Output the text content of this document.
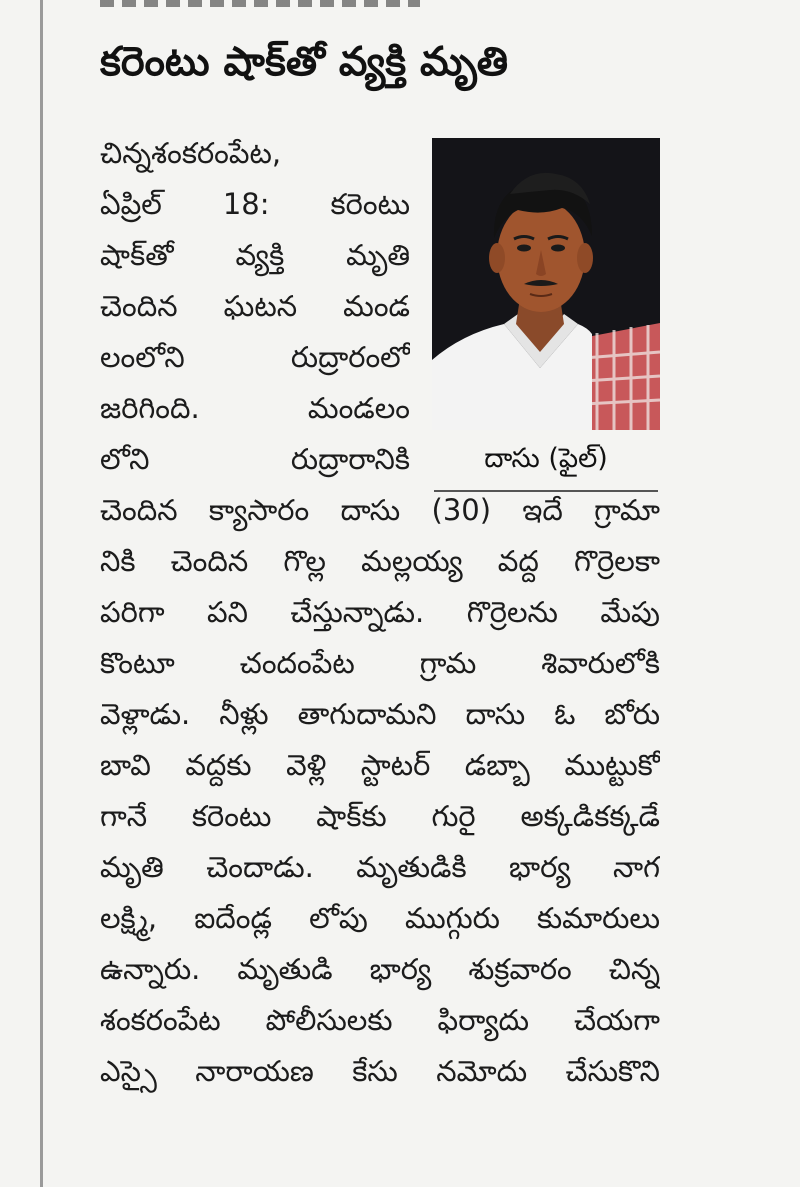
కరెంటు షాక్‌తో వ్యక్తి మృతి
చిన్నశంకరంపేట,
ఏప్రిల్‌ 18: కరెంటు
షాక్‌తో వ్యక్తి మృతి
చెందిన ఘటన మండ
లంలోని రుద్రారంలో
జరిగింది. మండలం
లోని రుద్రారానికి
చెందిన క్యాసారం దాసు (30) ఇదే గ్రామా
నికి చెందిన గొల్ల మల్లయ్య వద్ద గొర్రెలకా
పరిగా పని చేస్తున్నాడు. గొర్రెలను మేపు
కొంటూ చందంపేట గ్రామ శివారులోకి
వెళ్లాడు. నీళ్లు తాగుదామని దాసు ఓ బోరు
బావి వద్దకు వెళ్లి స్టాటర్‌ డబ్బా ముట్టుకో
గానే కరెంటు షాక్‌కు గురై అక్కడికక్కడే
మృతి చెందాడు. మృతుడికి భార్య నాగ
లక్ష్మి, ఐదేండ్ల లోపు ముగ్గురు కుమారులు
ఉన్నారు. మృతుడి భార్య శుక్రవారం చిన్న
శంకరంపేట పోలీసులకు ఫిర్యాదు చేయగా
ఎస్సై నారాయణ కేసు నమోదు చేసుకొని
దాసు (ఫైల్‌)
